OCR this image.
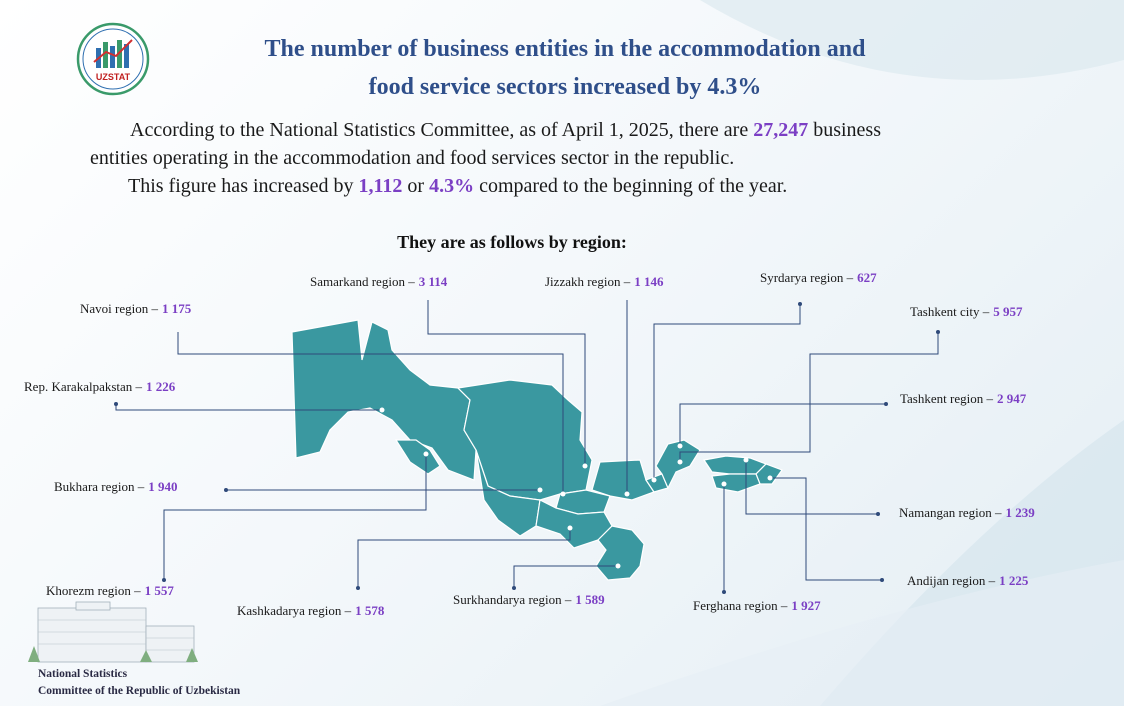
UZSTAT
The number of business entities in the accommodation and
food service sectors increased by 4.3%
According to the National Statistics Committee, as of April 1, 2025, there are 27,247 business
entities operating in the accommodation and food services sector in the republic.
This figure has increased by 1,112 or 4.3% compared to the beginning of the year.
They are as follows by region:
Samarkand region – 3 114	Jizzakh region – 1 146	Syrdarya region – 627
Navoi region – 1 175	Tashkent city – 5 957
Rep. Karakalpakstan – 1 226
Tashkent region – 2 947
Bukhara region – 1 940
Namangan region – 1 239
Khorezm region – 1 557
Andijan region – 1 225
Surkhandarya region – 1 589	Ferghana region – 1 927
Kashkadarya region – 1 578
National Statistics
Committee of the Republic of Uzbekistan
